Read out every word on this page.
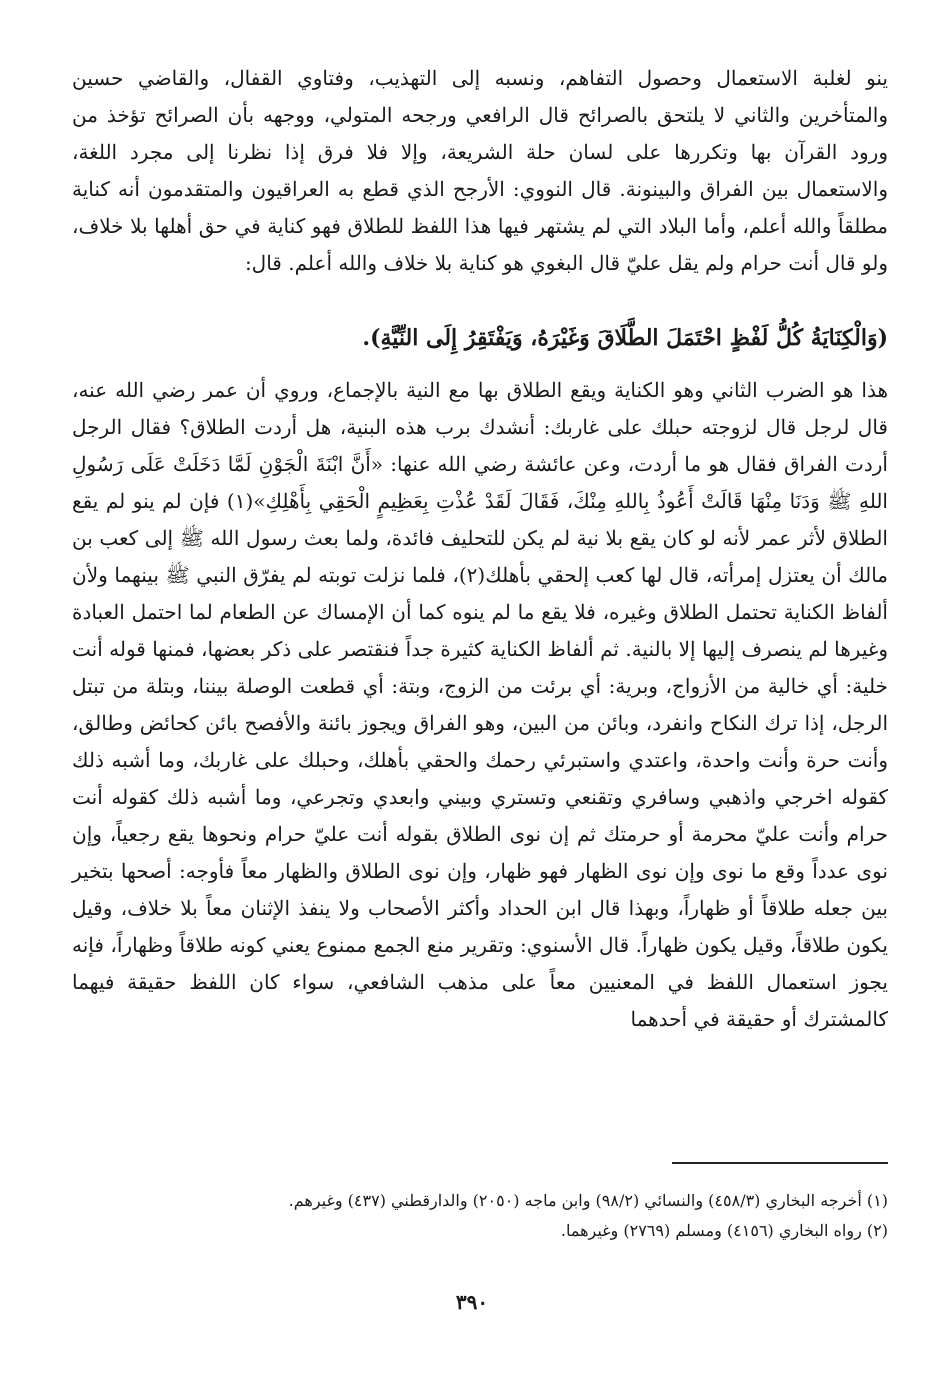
ينو لغلبة الاستعمال وحصول التفاهم، ونسبه إلى التهذيب، وفتاوي القفال، والقاضي حسين والمتأخرين والثاني لا يلتحق بالصرائح قال الرافعي ورجحه المتولي، ووجهه بأن الصرائح تؤخذ من ورود القرآن بها وتكررها على لسان حلة الشريعة، وإلا فلا فرق إذا نظرنا إلى مجرد اللغة، والاستعمال بين الفراق والبينونة. قال النووي: الأرجح الذي قطع به العراقيون والمتقدمون أنه كناية مطلقاً والله أعلم، وأما البلاد التي لم يشتهر فيها هذا اللفظ للطلاق فهو كناية في حق أهلها بلا خلاف، ولو قال أنت حرام ولم يقل عليّ قال البغوي هو كناية بلا خلاف والله أعلم. قال:
(وَالْكِنَايَةُ كُلُّ لَفْظٍ احْتَمَلَ الطَّلَاقَ وَغَيْرَهُ، وَيَفْتَقِرُ إِلَى النِّيَّةِ).
هذا هو الضرب الثاني وهو الكناية ويقع الطلاق بها مع النية بالإجماع، وروي أن عمر رضي الله عنه، قال لرجل قال لزوجته حبلك على غاربك: أنشدك برب هذه البنية، هل أردت الطلاق؟ فقال الرجل أردت الفراق فقال هو ما أردت، وعن عائشة رضي الله عنها: «أَنَّ ابْنَةَ الْجَوْنِ لَمَّا دَخَلَتْ عَلَى رَسُولِ اللهِ ﷺ وَدَنَا مِنْهَا قَالَتْ أَعُوذُ بِاللهِ مِنْكَ، فَقَالَ لَقَدْ عُذْتِ بِعَظِيمٍ الْحَقِي بِأَهْلِكِ»(١) فإن لم ينو لم يقع الطلاق لأثر عمر لأنه لو كان يقع بلا نية لم يكن للتحليف فائدة، ولما بعث رسول الله ﷺ إلى كعب بن مالك أن يعتزل إمرأته، قال لها كعب إلحقي بأهلك(٢)، فلما نزلت توبته لم يفرّق النبي ﷺ بينهما ولأن ألفاظ الكناية تحتمل الطلاق وغيره، فلا يقع ما لم ينوه كما أن الإمساك عن الطعام لما احتمل العبادة وغيرها لم ينصرف إليها إلا بالنية. ثم ألفاظ الكناية كثيرة جداً فنقتصر على ذكر بعضها، فمنها قوله أنت خلية: أي خالية من الأزواج، وبرية: أي برئت من الزوج، وبتة: أي قطعت الوصلة بيننا، وبتلة من تبتل الرجل، إذا ترك النكاح وانفرد، وبائن من البين، وهو الفراق ويجوز بائنة والأفصح بائن كحائض وطالق، وأنت حرة وأنت واحدة، واعتدي واستبرئي رحمك والحقي بأهلك، وحبلك على غاربك، وما أشبه ذلك كقوله اخرجي واذهبي وسافري وتقنعي وتستري وبيني وابعدي وتجرعي، وما أشبه ذلك كقوله أنت حرام وأنت عليّ محرمة أو حرمتك ثم إن نوى الطلاق بقوله أنت عليّ حرام ونحوها يقع رجعياً، وإن نوى عدداً وقع ما نوى وإن نوى الظهار فهو ظهار، وإن نوى الطلاق والظهار معاً فأوجه: أصحها بتخير بين جعله طلاقاً أو ظهاراً، وبهذا قال ابن الحداد وأكثر الأصحاب ولا ينفذ الإثنان معاً بلا خلاف، وقيل يكون طلاقاً، وقيل يكون ظهاراً. قال الأسنوي: وتقرير منع الجمع ممنوع يعني كونه طلاقاً وظهاراً، فإنه يجوز استعمال اللفظ في المعنيين معاً على مذهب الشافعي، سواء كان اللفظ حقيقة فيهما كالمشترك أو حقيقة في أحدهما
(١) أخرجه البخاري (٤٥٨/٣) والنسائي (٩٨/٢) وابن ماجه (٢٠٥٠) والدارقطني (٤٣٧) وغيرهم.
(٢) رواه البخاري (٤١٥٦) ومسلم (٢٧٦٩) وغيرهما.
٣٩٠
